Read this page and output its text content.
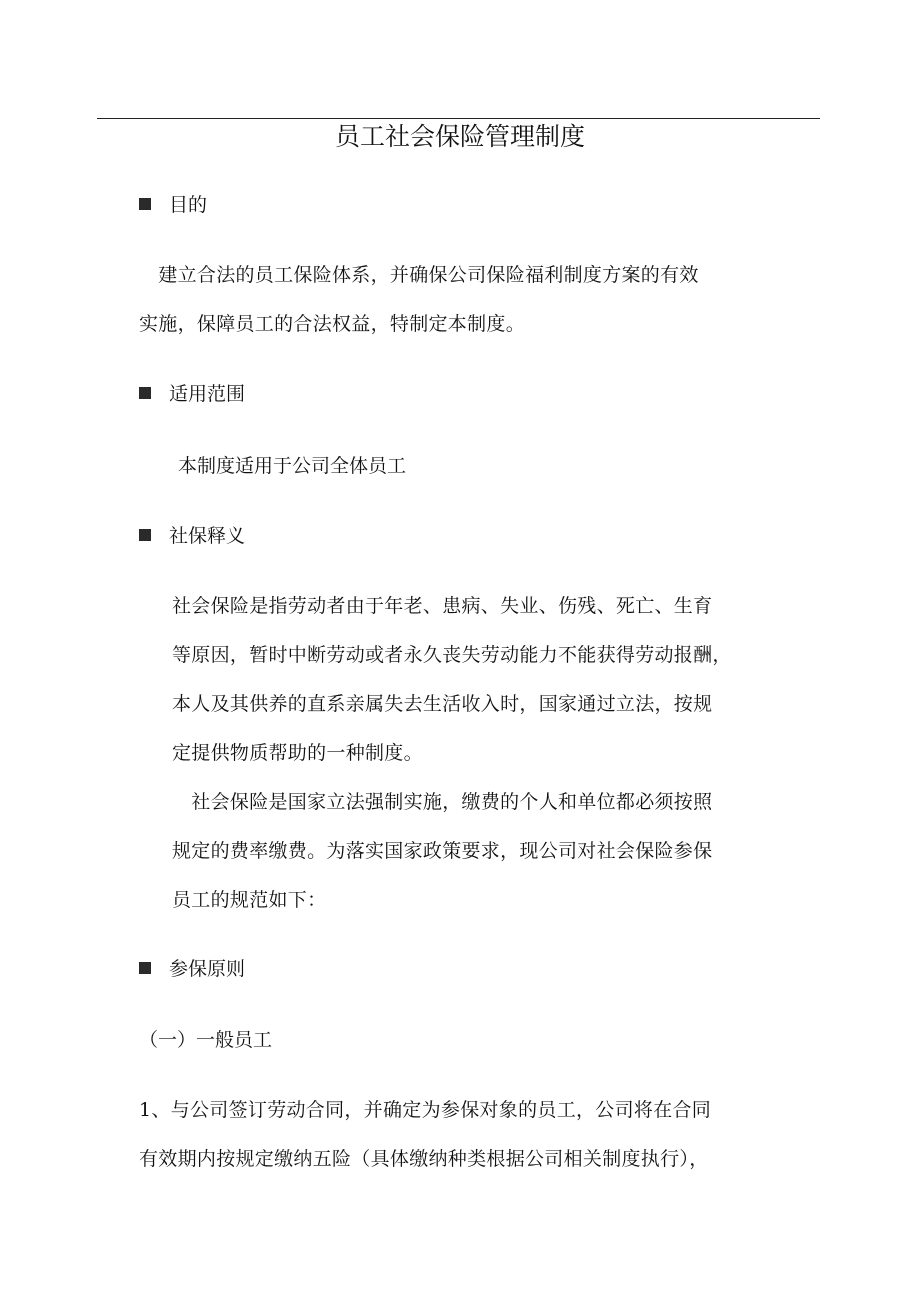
员工社会保险管理制度
目的
　建立合法的员工保险体系，并确保公司保险福利制度方案的有效
实施，保障员工的合法权益，特制定本制度。
适用范围
　本制度适用于公司全体员工
社保释义
社会保险是指劳动者由于年老、患病、失业、伤残、死亡、生育
等原因，暂时中断劳动或者永久丧失劳动能力不能获得劳动报酬，
本人及其供养的直系亲属失去生活收入时，国家通过立法，按规
定提供物质帮助的一种制度。
　社会保险是国家立法强制实施，缴费的个人和单位都必须按照
规定的费率缴费。为落实国家政策要求，现公司对社会保险参保
员工的规范如下：
参保原则
（一）一般员工
1、与公司签订劳动合同，并确定为参保对象的员工，公司将在合同
有效期内按规定缴纳五险（具体缴纳种类根据公司相关制度执行），
